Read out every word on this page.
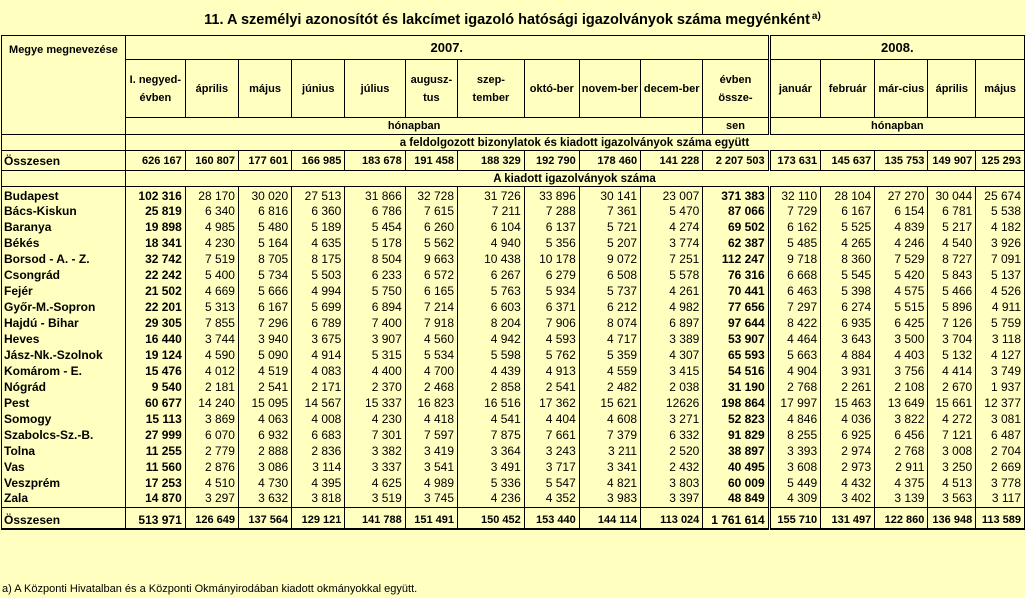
11. A személyi azonosítót és lakcímet igazoló hatósági igazolványok száma megyénként $^{a)}$
Megye megnevezése	2007.											2008.				
	I. negyed-​évben	április	május	június	július	augusz-​tus	szep-​tember	októ-​ber	novem-​ber	decem-​ber	évben össze-​	január	február	már-​cius	április	május
	hónapban										sen	hónapban				
	a feldolgozott bizonylatok és kiadott igazolványok száma együtt															
Összesen	626 167	160 807	177 601	166 985	183 678	191 458	188 329	192 790	178 460	141 228	2 207 503	173 631	145 637	135 753	149 907	125 293
	A kiadott igazolványok száma															
Budapest	102 316	28 170	30 020	27 513	31 866	32 728	31 726	33 896	30 141	23 007	371 383	32 110	28 104	27 270	30 044	25 674
Bács-Kiskun	25 819	6 340	6 816	6 360	6 786	7 615	7 211	7 288	7 361	5 470	87 066	7 729	6 167	6 154	6 781	5 538
Baranya	19 898	4 985	5 480	5 189	5 454	6 260	6 104	6 137	5 721	4 274	69 502	6 162	5 525	4 839	5 217	4 182
Békés	18 341	4 230	5 164	4 635	5 178	5 562	4 940	5 356	5 207	3 774	62 387	5 485	4 265	4 246	4 540	3 926
Borsod - A. - Z.	32 742	7 519	8 705	8 175	8 504	9 663	10 438	10 178	9 072	7 251	112 247	9 718	8 360	7 529	8 727	7 091
Csongrád	22 242	5 400	5 734	5 503	6 233	6 572	6 267	6 279	6 508	5 578	76 316	6 668	5 545	5 420	5 843	5 137
Fejér	21 502	4 669	5 666	4 994	5 750	6 165	5 763	5 934	5 737	4 261	70 441	6 463	5 398	4 575	5 466	4 526
Győr-M.-Sopron	22 201	5 313	6 167	5 699	6 894	7 214	6 603	6 371	6 212	4 982	77 656	7 297	6 274	5 515	5 896	4 911
Hajdú - Bihar	29 305	7 855	7 296	6 789	7 400	7 918	8 204	7 906	8 074	6 897	97 644	8 422	6 935	6 425	7 126	5 759
Heves	16 440	3 744	3 940	3 675	3 907	4 560	4 942	4 593	4 717	3 389	53 907	4 464	3 643	3 500	3 704	3 118
Jász-Nk.-Szolnok	19 124	4 590	5 090	4 914	5 315	5 534	5 598	5 762	5 359	4 307	65 593	5 663	4 884	4 403	5 132	4 127
Komárom - E.	15 476	4 012	4 519	4 083	4 400	4 700	4 439	4 913	4 559	3 415	54 516	4 904	3 931	3 756	4 414	3 749
Nógrád	9 540	2 181	2 541	2 171	2 370	2 468	2 858	2 541	2 482	2 038	31 190	2 768	2 261	2 108	2 670	1 937
Pest	60 677	14 240	15 095	14 567	15 337	16 823	16 516	17 362	15 621	12626	198 864	17 997	15 463	13 649	15 661	12 377
Somogy	15 113	3 869	4 063	4 008	4 230	4 418	4 541	4 404	4 608	3 271	52 823	4 846	4 036	3 822	4 272	3 081
Szabolcs-Sz.-B.	27 999	6 070	6 932	6 683	7 301	7 597	7 875	7 661	7 379	6 332	91 829	8 255	6 925	6 456	7 121	6 487
Tolna	11 255	2 779	2 888	2 836	3 382	3 419	3 364	3 243	3 211	2 520	38 897	3 393	2 974	2 768	3 008	2 704
Vas	11 560	2 876	3 086	3 114	3 337	3 541	3 491	3 717	3 341	2 432	40 495	3 608	2 973	2 911	3 250	2 669
Veszprém	17 253	4 510	4 730	4 395	4 625	4 989	5 336	5 547	4 821	3 803	60 009	5 449	4 432	4 375	4 513	3 778
Zala	14 870	3 297	3 632	3 818	3 519	3 745	4 236	4 352	3 983	3 397	48 849	4 309	3 402	3 139	3 563	3 117
Összesen	513 971	126 649	137 564	129 121	141 788	151 491	150 452	153 440	144 114	113 024	1 761 614	155 710	131 497	122 860	136 948	113 589
a) A Központi Hivatalban és a Központi Okmányirodában kiadott okmányokkal együtt.
